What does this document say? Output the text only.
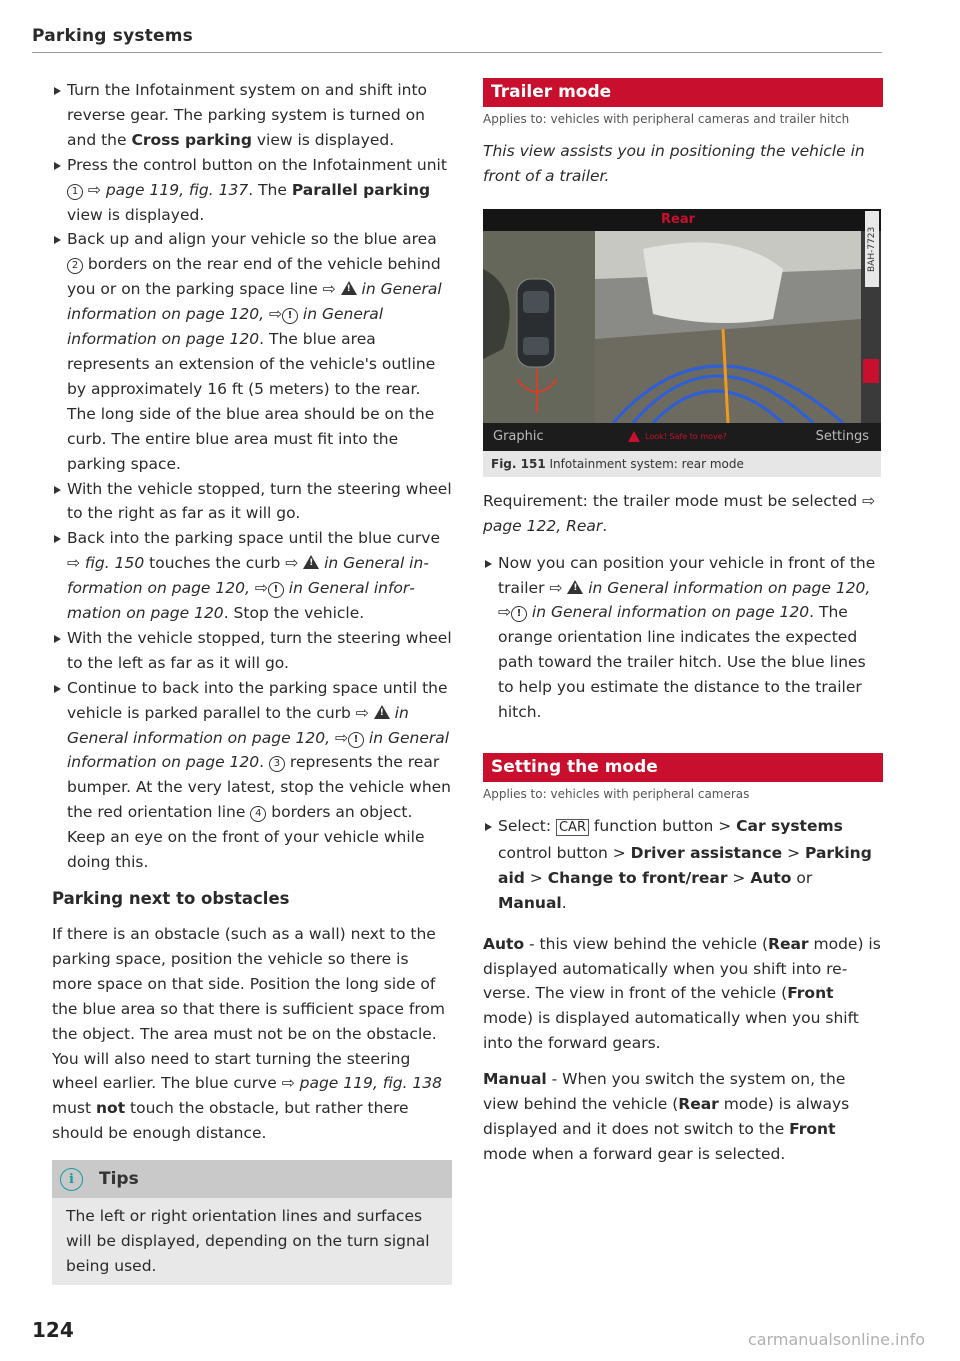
Parking systems

Turn the Infotainment system on and shift into reverse gear. The parking system is turned on and the Cross parking view is displayed.

Press the control button on the Infotainment unit 1 ⇨ page 119, fig. 137. The Parallel parking view is displayed.

Back up and align your vehicle so the blue area 2 borders on the rear end of the vehicle behind you or on the parking space line ⇨ ! in General information on page 120, ⇨ ! in General information on page 120. The blue area represents an extension of the vehicle's outline by approximately 16 ft (5 meters) to the rear. The long side of the blue area should be on the curb. The entire blue area must fit into the parking space.

With the vehicle stopped, turn the steering wheel to the right as far as it will go.

Back into the parking space until the blue curve ⇨ fig. 150 touches the curb ⇨ ! in General information on page 120, ⇨ ! in General information on page 120. Stop the vehicle.

With the vehicle stopped, turn the steering wheel to the left as far as it will go.

Continue to back into the parking space until the vehicle is parked parallel to the curb ⇨ ! in General information on page 120, ⇨ ! in General information on page 120. 3 represents the rear bumper. At the very latest, stop the vehicle when the red orientation line 4 borders an object. Keep an eye on the front of your vehicle while doing this.

Parking next to obstacles

If there is an obstacle (such as a wall) next to the parking space, position the vehicle so there is more space on that side. Position the long side of the blue area so that there is sufficient space from the object. The area must not be on the obstacle. You will also need to start turning the steering wheel earlier. The blue curve ⇨ page 119, fig. 138 must not touch the obstacle, but rather there should be enough distance.

i	Tips
The left or right orientation lines and surfaces will be displayed, depending on the turn signal being used.

Trailer mode

Applies to: vehicles with peripheral cameras and trailer hitch

This view assists you in positioning the vehicle in front of a trailer.

Rear
Graphic	Look! Safe to move?	Settings
BAH-7723
Fig. 151 Infotainment system: rear mode

Requirement: the trailer mode must be selected ⇨ page 122, Rear.

Now you can position your vehicle in front of the trailer ⇨ ! in General information on page 120, ⇨ ! in General information on page 120. The orange orientation line indicates the expected path toward the trailer hitch. Use the blue lines to help you estimate the distance to the trailer hitch.

Setting the mode

Applies to: vehicles with peripheral cameras

Select: CAR function button > Car systems control button > Driver assistance > Parking aid > Change to front/rear > Auto or Manual.

Auto - this view behind the vehicle (Rear mode) is displayed automatically when you shift into reverse. The view in front of the vehicle (Front mode) is displayed automatically when you shift into the forward gears.

Manual - When you switch the system on, the view behind the vehicle (Rear mode) is always displayed and it does not switch to the Front mode when a forward gear is selected.

124	carmanualsonline.info
